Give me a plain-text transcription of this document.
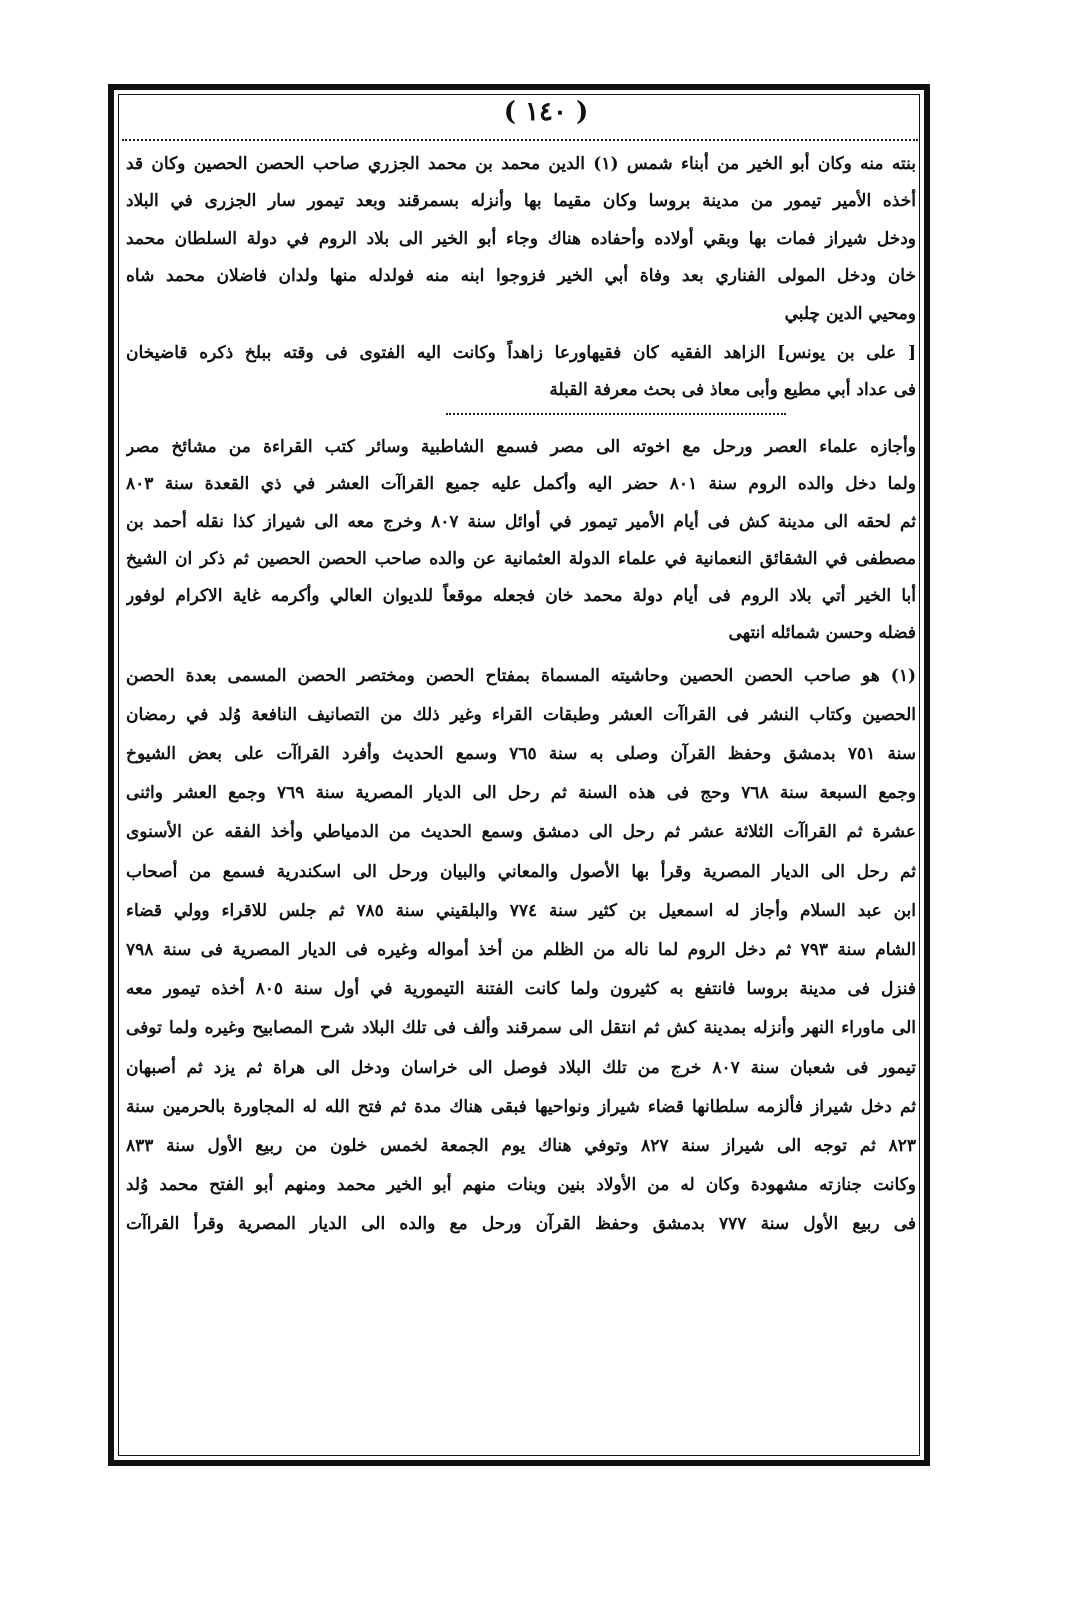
( ١٤٠ )
بنته منه وكان أبو الخير من أبناء شمس (١) الدين محمد بن محمد الجزري صاحب الحصن الحصين وكان قد
أخذه الأمير تيمور من مدينة بروسا وكان مقيما بها وأنزله بسمرقند وبعد تيمور سار الجزرى في البلاد
ودخل شيراز فمات بها وبقي أولاده وأحفاده هناك وجاء أبو الخير الى بلاد الروم في دولة السلطان محمد
خان ودخل المولى الفناري بعد وفاة أبي الخير فزوجوا ابنه منه فولدله منها ولدان فاضلان محمد شاه
ومحيي الدين چلبي
[ على بن يونس] الزاهد الفقيه كان فقيهاورعا زاهداً وكانت اليه الفتوى فى وقته ببلخ ذكره قاضيخان
فى عداد أبي مطيع وأبى معاذ فى بحث معرفة القبلة
وأجازه علماء العصر ورحل مع اخوته الى مصر فسمع الشاطبية وسائر كتب القراءة من مشائخ مصر
ولما دخل والده الروم سنة ٨٠١ حضر اليه وأكمل عليه جميع القراآت العشر في ذي القعدة سنة ٨٠٣
ثم لحقه الى مدينة كش فى أيام الأمير تيمور في أوائل سنة ٨٠٧ وخرج معه الى شيراز كذا نقله أحمد بن
مصطفى في الشقائق النعمانية في علماء الدولة العثمانية عن والده صاحب الحصن الحصين ثم ذكر ان الشيخ
أبا الخير أتي بلاد الروم فى أيام دولة محمد خان فجعله موقعاً للديوان العالي وأكرمه غاية الاكرام لوفور
فضله وحسن شمائله انتهى
(١) هو صاحب الحصن الحصين وحاشيته المسماة بمفتاح الحصن ومختصر الحصن المسمى بعدة الحصن
الحصين وكتاب النشر فى القراآت العشر وطبقات القراء وغير ذلك من التصانيف النافعة وُلد في رمضان
سنة ٧٥١ بدمشق وحفظ القرآن وصلى به سنة ٧٦٥ وسمع الحديث وأفرد القراآت على بعض الشيوخ
وجمع السبعة سنة ٧٦٨ وحج فى هذه السنة ثم رحل الى الديار المصرية سنة ٧٦٩ وجمع العشر واثنى
عشرة ثم القراآت الثلاثة عشر ثم رحل الى دمشق وسمع الحديث من الدمياطي وأخذ الفقه عن الأسنوى
ثم رحل الى الديار المصرية وقرأ بها الأصول والمعاني والبيان ورحل الى اسكندرية فسمع من أصحاب
ابن عبد السلام وأجاز له اسمعيل بن كثير سنة ٧٧٤ والبلقيني سنة ٧٨٥ ثم جلس للاقراء وولي قضاء
الشام سنة ٧٩٣ ثم دخل الروم لما ناله من الظلم من أخذ أمواله وغيره فى الديار المصرية فى سنة ٧٩٨
فنزل فى مدينة بروسا فانتفع به كثيرون ولما كانت الفتنة التيمورية في أول سنة ٨٠٥ أخذه تيمور معه
الى ماوراء النهر وأنزله بمدينة كش ثم انتقل الى سمرقند وألف فى تلك البلاد شرح المصابيح وغيره ولما توفى
تيمور فى شعبان سنة ٨٠٧ خرج من تلك البلاد فوصل الى خراسان ودخل الى هراة ثم يزد ثم أصبهان
ثم دخل شيراز فألزمه سلطانها قضاء شيراز ونواحيها فبقى هناك مدة ثم فتح الله له المجاورة بالحرمين سنة
٨٢٣ ثم توجه الى شيراز سنة ٨٢٧ وتوفي هناك يوم الجمعة لخمس خلون من ربيع الأول سنة ٨٣٣
وكانت جنازته مشهودة وكان له من الأولاد بنين وبنات منهم أبو الخير محمد ومنهم أبو الفتح محمد وُلد
فى ربيع الأول سنة ٧٧٧ بدمشق وحفظ القرآن ورحل مع والده الى الديار المصرية وقرأ القراآت
